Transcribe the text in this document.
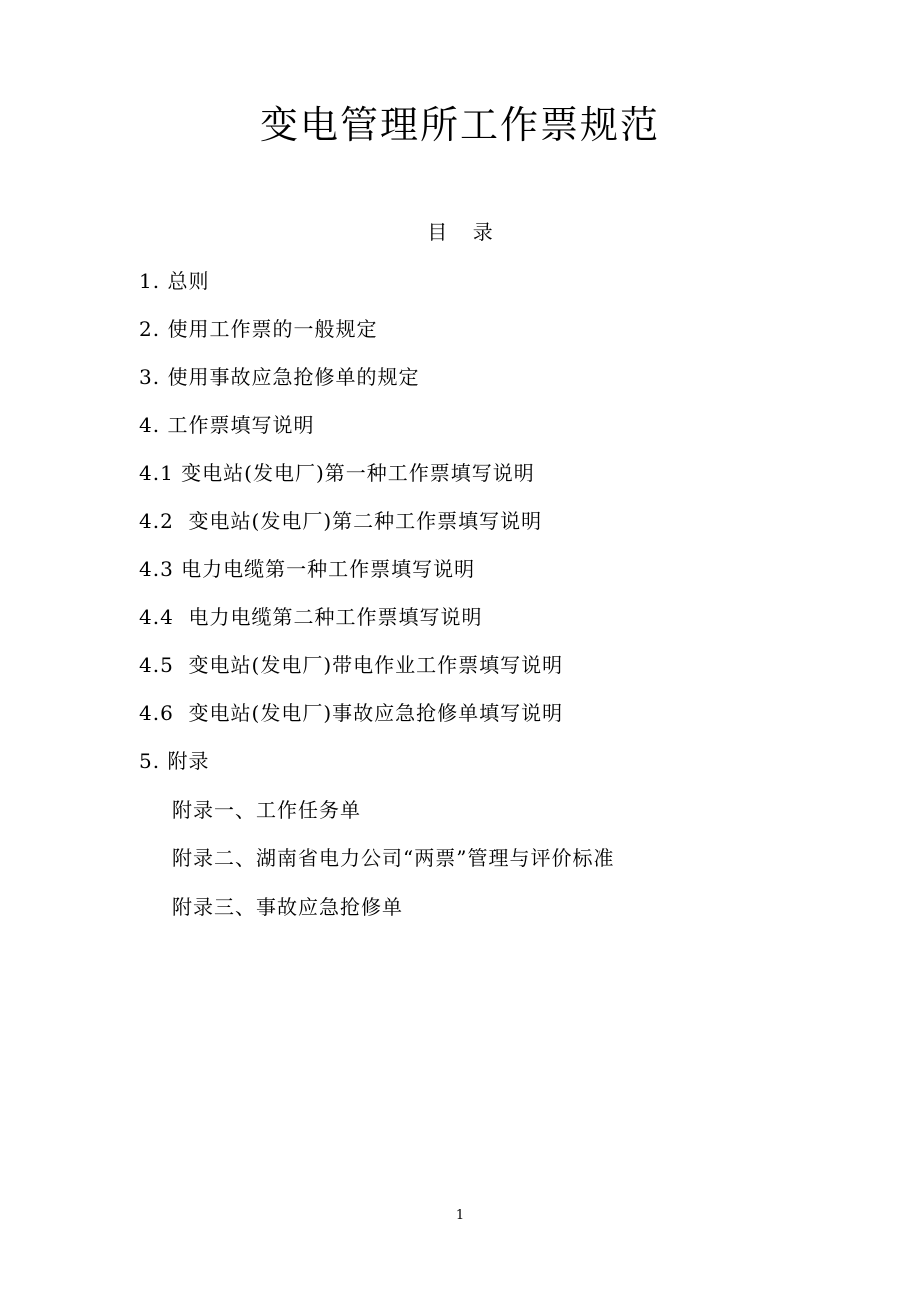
变电管理所工作票规范
目    录
1. 总则
2. 使用工作票的一般规定
3. 使用事故应急抢修单的规定
4. 工作票填写说明
4.1 变电站(发电厂)第一种工作票填写说明
4.2  变电站(发电厂)第二种工作票填写说明
4.3 电力电缆第一种工作票填写说明
4.4  电力电缆第二种工作票填写说明
4.5  变电站(发电厂)带电作业工作票填写说明
4.6  变电站(发电厂)事故应急抢修单填写说明
5. 附录
附录一、工作任务单
附录二、湖南省电力公司“两票”管理与评价标准
附录三、事故应急抢修单
1
